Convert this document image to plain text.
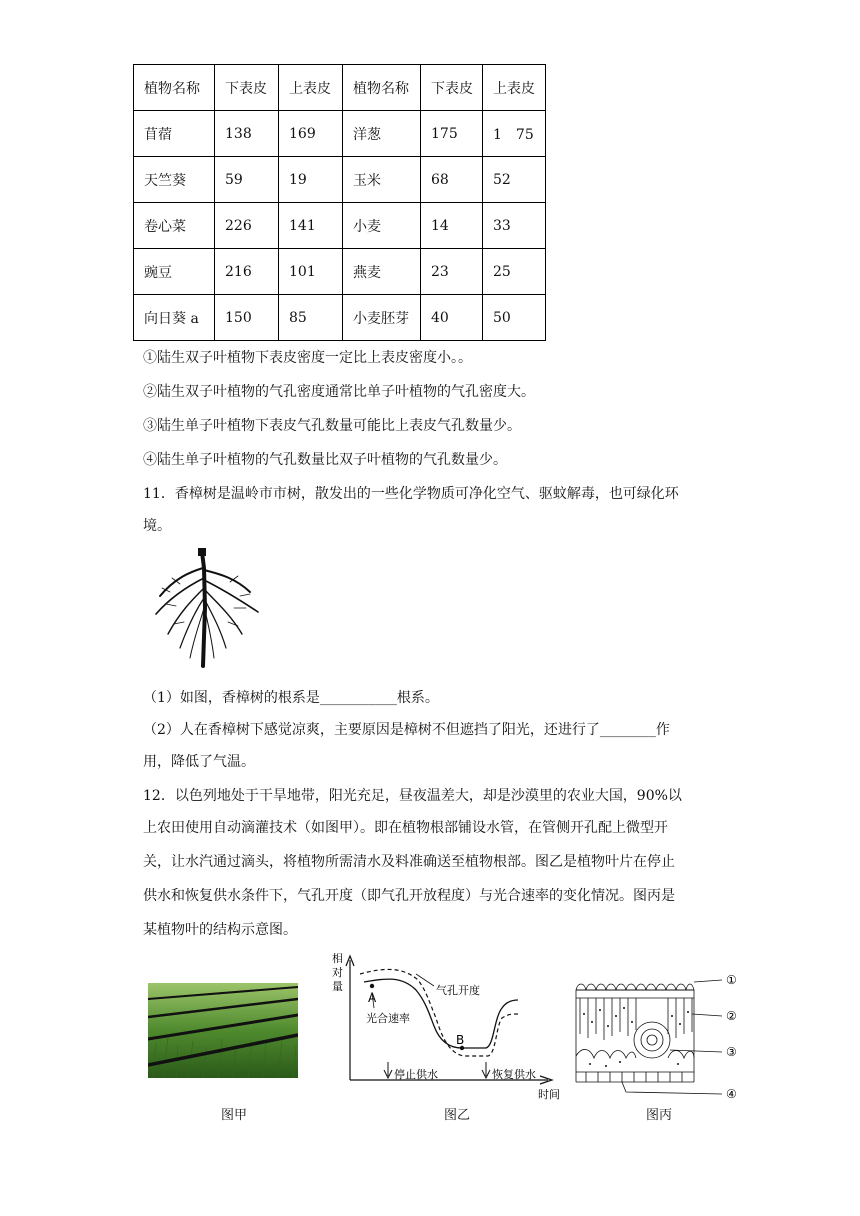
植物名称	下表皮	上表皮	植物名称	下表皮	上表皮
苜蓿	138	169	洋葱	175	1　75
天竺葵	59	19	玉米	68	52
卷心菜	226	141	小麦	14	33
豌豆	216	101	燕麦	23	25
向日葵 a	150	85	小麦胚芽	40	50
①陆生双子叶植物下表皮密度一定比上表皮密度小。。
②陆生双子叶植物的气孔密度通常比单子叶植物的气孔密度大。
③陆生单子叶植物下表皮气孔数量可能比上表皮气孔数量少。
④陆生单子叶植物的气孔数量比双子叶植物的气孔数量少。
11．香樟树是温岭市市树，散发出的一些化学物质可净化空气、驱蚊解毒，也可绿化环
境。
（1）如图，香樟树的根系是___________根系。
（2）人在香樟树下感觉凉爽，主要原因是樟树不但遮挡了阳光，还进行了________作
用，降低了气温。
12．以色列地处于干旱地带，阳光充足，昼夜温差大，却是沙漠里的农业大国，90%以
上农田使用自动滴灌技术（如图甲）。即在植物根部铺设水管，在管侧开孔配上微型开
关，让水汽通过滴头，将植物所需清水及料准确送至植物根部。图乙是植物叶片在停止
供水和恢复供水条件下，气孔开度（即气孔开放程度）与光合速率的变化情况。图丙是
某植物叶的结构示意图。
图甲
相
对
量	气孔开度
A
光合速率
B
停止供水	恢复供水
时间
图乙
①
②
③
④
图丙
